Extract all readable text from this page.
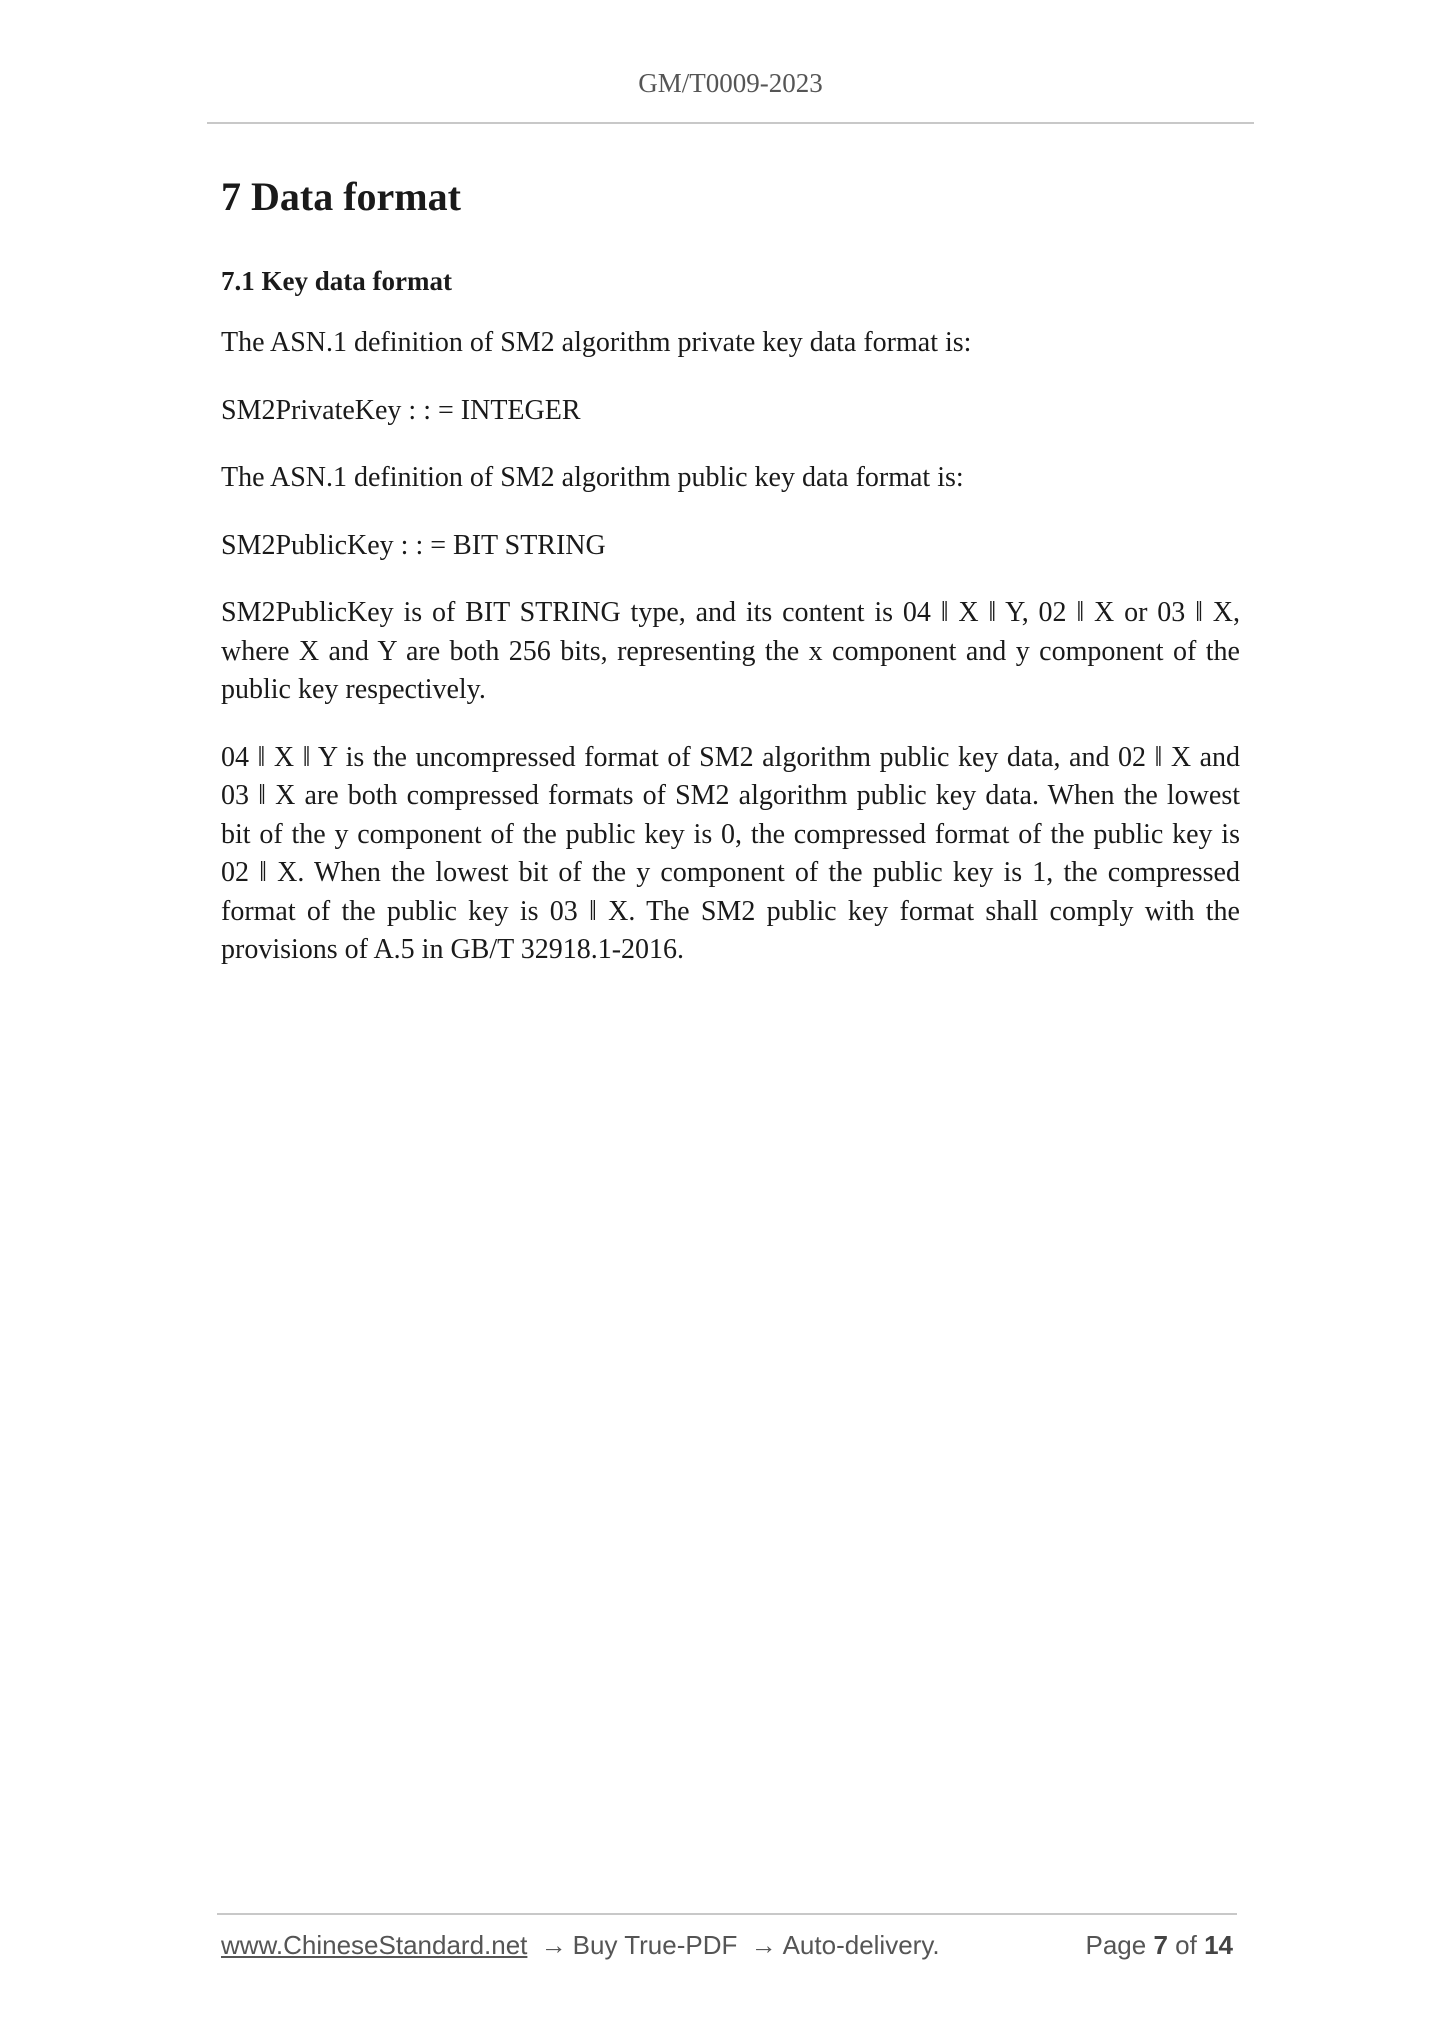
GM/T0009-2023
7 Data format
7.1 Key data format

The ASN.1 definition of SM2 algorithm private key data format is:

SM2PrivateKey : : = INTEGER

The ASN.1 definition of SM2 algorithm public key data format is:

SM2PublicKey : : = BIT STRING

SM2PublicKey is of BIT STRING type, and its content is 04 ‖ X ‖ Y, 02 ‖ X or 03 ‖ X, where X and Y are both 256 bits, representing the x component and y component of the public key respectively.

04 ‖ X ‖ Y is the uncompressed format of SM2 algorithm public key data, and 02 ‖ X and 03 ‖ X are both compressed formats of SM2 algorithm public key data. When the lowest bit of the y component of the public key is 0, the compressed format of the public key is 02 ‖ X. When the lowest bit of the y component of the public key is 1, the compressed format of the public key is 03 ‖ X. The SM2 public key format shall comply with the provisions of A.5 in GB/T 32918.1-2016.

www.ChineseStandard.net → Buy True-PDF → Auto-delivery.	Page 7 of 14
